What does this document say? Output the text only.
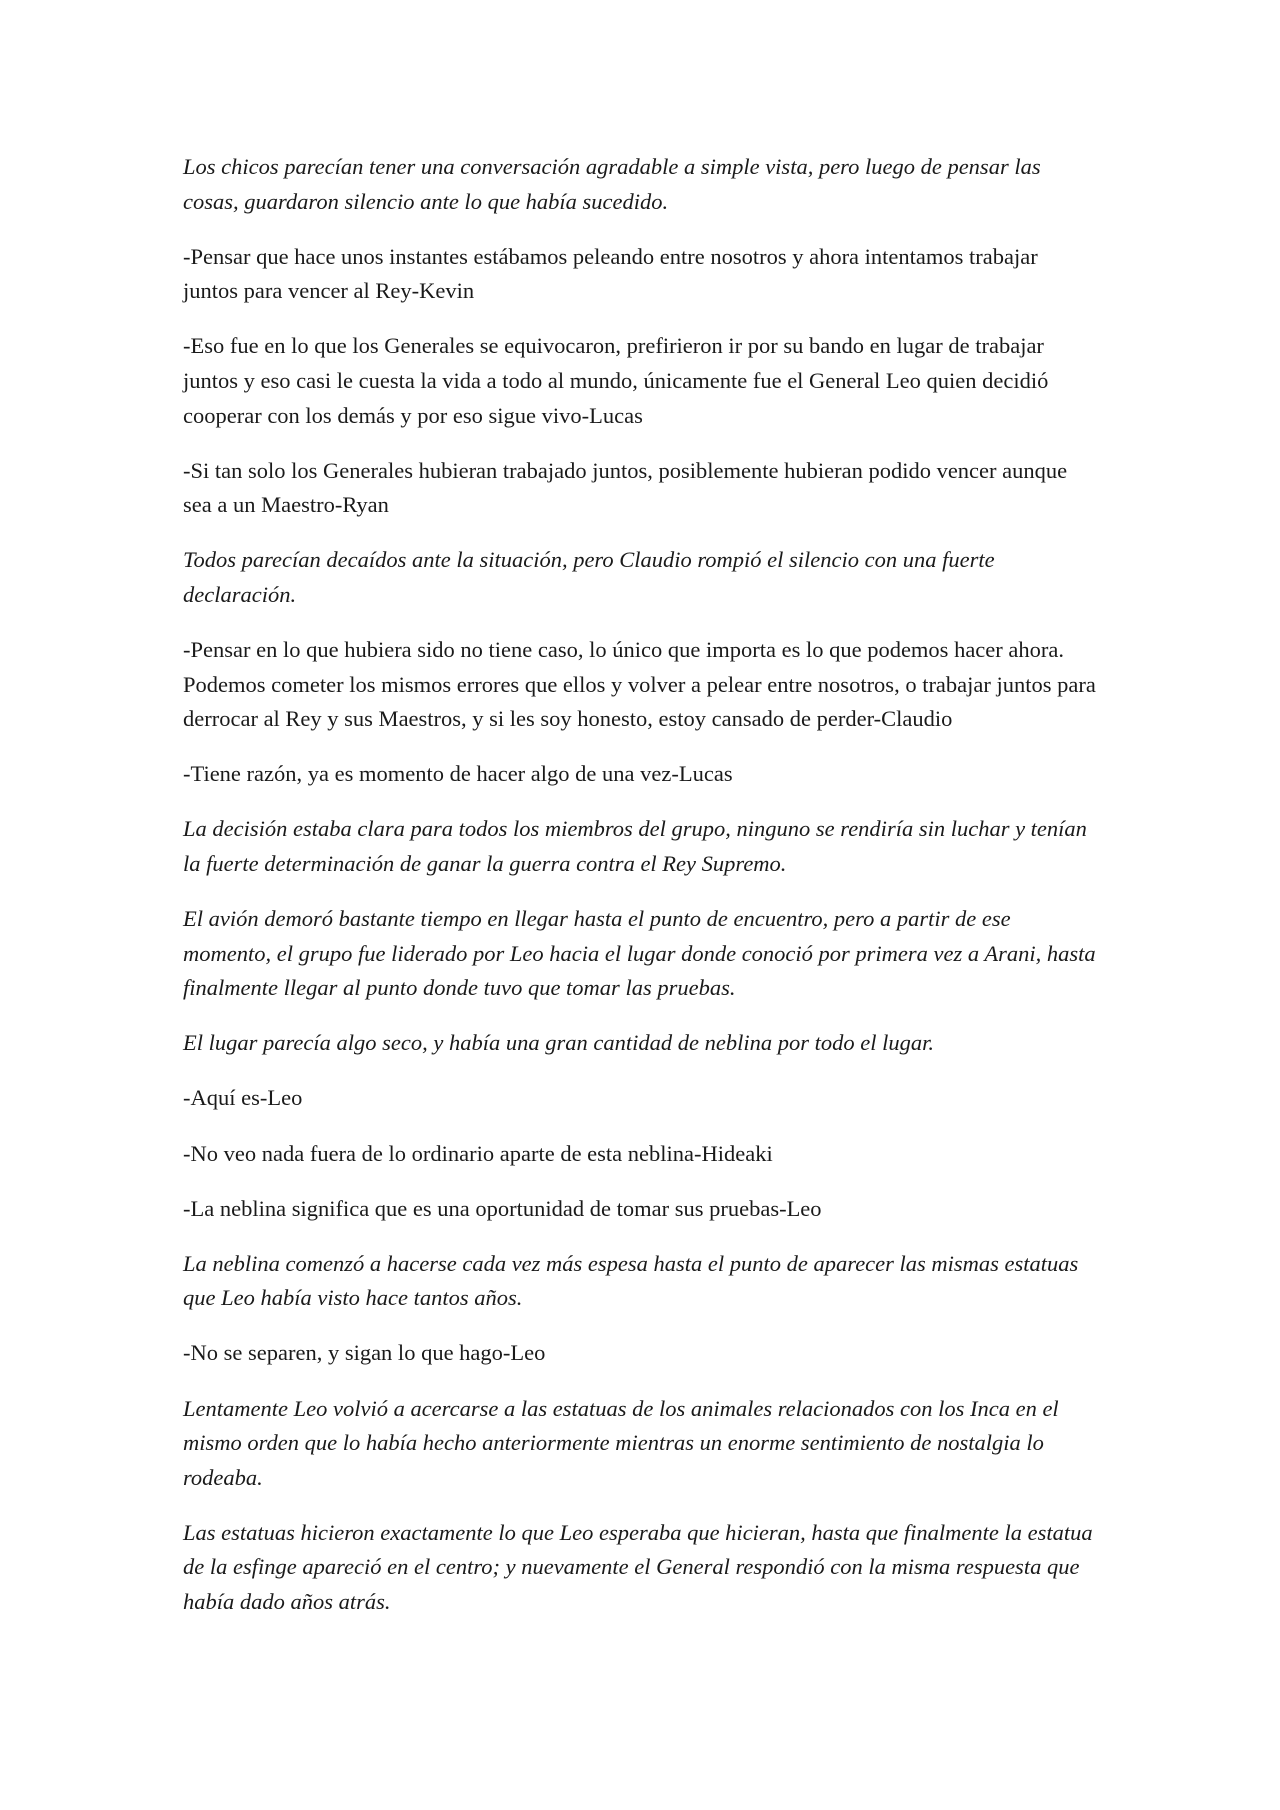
Los chicos parecían tener una conversación agradable a simple vista, pero luego de pensar las cosas, guardaron silencio ante lo que había sucedido.

-Pensar que hace unos instantes estábamos peleando entre nosotros y ahora intentamos trabajar juntos para vencer al Rey-Kevin

-Eso fue en lo que los Generales se equivocaron, prefirieron ir por su bando en lugar de trabajar juntos y eso casi le cuesta la vida a todo al mundo, únicamente fue el General Leo quien decidió cooperar con los demás y por eso sigue vivo-Lucas

-Si tan solo los Generales hubieran trabajado juntos, posiblemente hubieran podido vencer aunque sea a un Maestro-Ryan

Todos parecían decaídos ante la situación, pero Claudio rompió el silencio con una fuerte declaración.

-Pensar en lo que hubiera sido no tiene caso, lo único que importa es lo que podemos hacer ahora. Podemos cometer los mismos errores que ellos y volver a pelear entre nosotros, o trabajar juntos para derrocar al Rey y sus Maestros, y si les soy honesto, estoy cansado de perder-Claudio

-Tiene razón, ya es momento de hacer algo de una vez-Lucas

La decisión estaba clara para todos los miembros del grupo, ninguno se rendiría sin luchar y tenían la fuerte determinación de ganar la guerra contra el Rey Supremo.

El avión demoró bastante tiempo en llegar hasta el punto de encuentro, pero a partir de ese momento, el grupo fue liderado por Leo hacia el lugar donde conoció por primera vez a Arani, hasta finalmente llegar al punto donde tuvo que tomar las pruebas.

El lugar parecía algo seco, y había una gran cantidad de neblina por todo el lugar.

-Aquí es-Leo

-No veo nada fuera de lo ordinario aparte de esta neblina-Hideaki

-La neblina significa que es una oportunidad de tomar sus pruebas-Leo

La neblina comenzó a hacerse cada vez más espesa hasta el punto de aparecer las mismas estatuas que Leo había visto hace tantos años.

-No se separen, y sigan lo que hago-Leo

Lentamente Leo volvió a acercarse a las estatuas de los animales relacionados con los Inca en el mismo orden que lo había hecho anteriormente mientras un enorme sentimiento de nostalgia lo rodeaba.

Las estatuas hicieron exactamente lo que Leo esperaba que hicieran, hasta que finalmente la estatua de la esfinge apareció en el centro; y nuevamente el General respondió con la misma respuesta que había dado años atrás.
